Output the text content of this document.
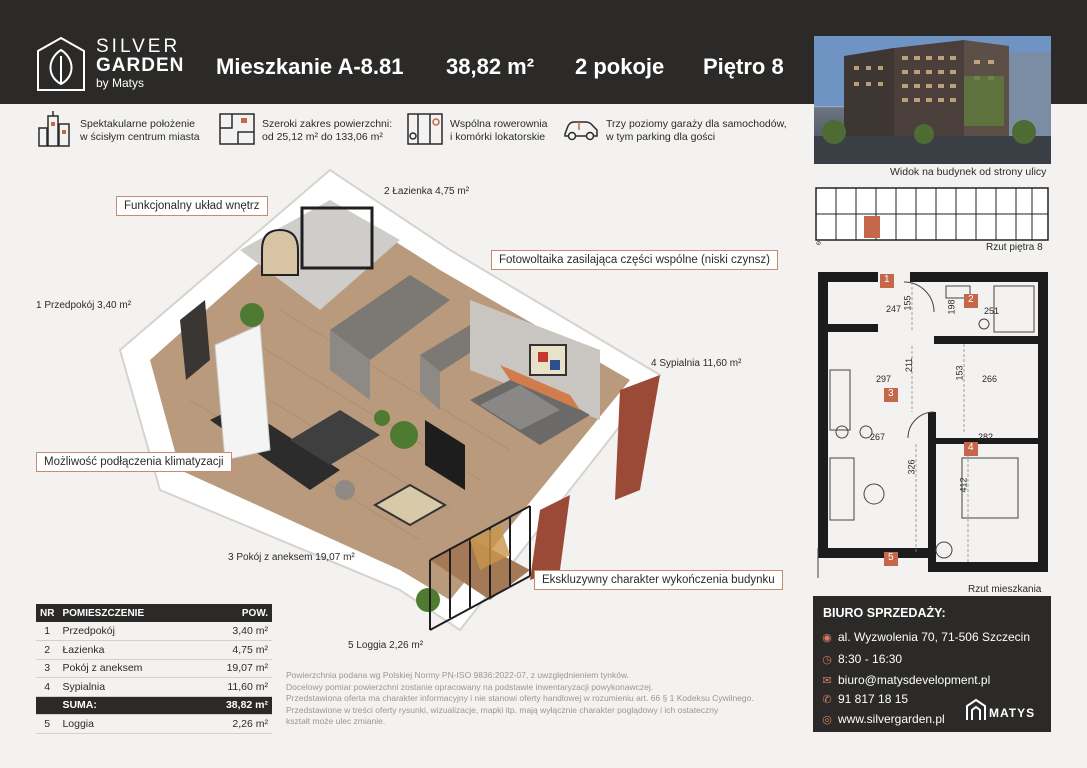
SILVER
GARDEN
by Matys
Mieszkanie A-8.81 38,82 m² 2 pokoje Piętro 8
Widok na budynek od strony ulicy
Spektakularne położenie
w ścisłym centrum miasta
Szeroki zakres powierzchni:
od 25,12 m² do 133,06 m²
Wspólna rowerownia
i komórki lokatorskie
Trzy poziomy garaży dla samochodów,
w tym parking dla gości
Funkcjonalny układ wnętrz
Fotowoltaika zasilająca części wspólne (niski czynsz)
Możliwość podłączenia klimatyzacji
Ekskluzywny charakter wykończenia budynku
2 Łazienka 4,75 m²
1 Przedpokój 3,40 m²
4 Sypialnia 11,60 m²
3 Pokój z aneksem 19,07 m²
5 Loggia 2,26 m²
NR	POMIESZCZENIE	POW.
1	Przedpokój	3,40 m²
2	Łazienka	4,75 m²
3	Pokój z aneksem	19,07 m²
4	Sypialnia	11,60 m²
	SUMA:	38,82 m²
5	Loggia	2,26 m²
Powierzchnia podana wg Polskiej Normy PN-ISO 9836:2022-07, z uwzględnieniem tynków.
Docelowy pomiar powierzchni zostanie opracowany na podstawie inwentaryzacji powykonawczej.
Przedstawiona oferta ma charakter informacyjny i nie stanowi oferty handlowej w rozumieniu art. 66 § 1 Kodeksu Cywilnego.
Przedstawione w treści oferty rysunki, wizualizacje, mapki itp. mają wyłącznie charakter poglądowy i ich ostateczny
kształt może ulec zmianie.
⊘	Rzut piętra 8
1
2
3
4
5
155
247	198	251
211
297	153 266
267	282
326
412
Rzut mieszkania
BIURO SPRZEDAŻY:
◉ al. Wyzwolenia 70, 71-506 Szczecin
◷ 8:30 - 16:30
✉ biuro@matysdevelopment.pl
✆ 91 817 18 15
◎ www.silvergarden.pl	MATYS
